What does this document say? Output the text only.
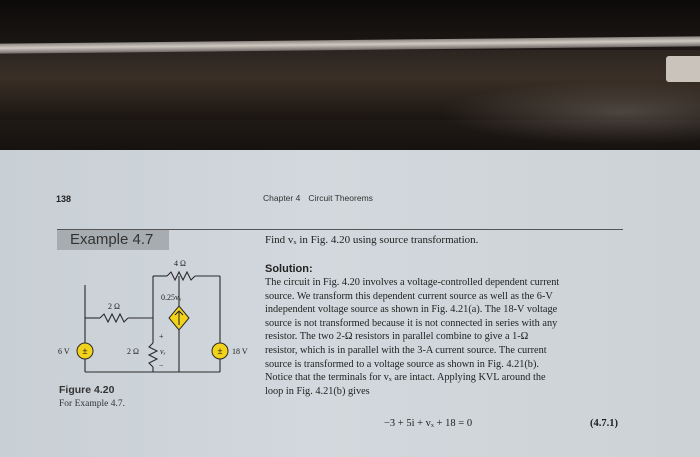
138	Chapter 4 Circuit Theorems
Example 4.7	Find vₓ in Fig. 4.20 using source transformation.
Solution:
The circuit in Fig. 4.20 involves a voltage-controlled dependent current
source. We transform this dependent current source as well as the 6-V
independent voltage source as shown in Fig. 4.21(a). The 18-V voltage
source is not transformed because it is not connected in series with any
resistor. The two 2-Ω resistors in parallel combine to give a 1-Ω
resistor, which is in parallel with the 3-A current source. The current
source is transformed to a voltage source as shown in Fig. 4.21(b).
Notice that the terminals for vₓ are intact. Applying KVL around the
loop in Fig. 4.21(b) gives
−3 + 5i + vₓ + 18 = 0	(4.7.1)
±	±
4 Ω
2 Ω
2 Ω
0.25vₓ
6 V	18 V
vₓ
+
−
Figure 4.20
For Example 4.7.
